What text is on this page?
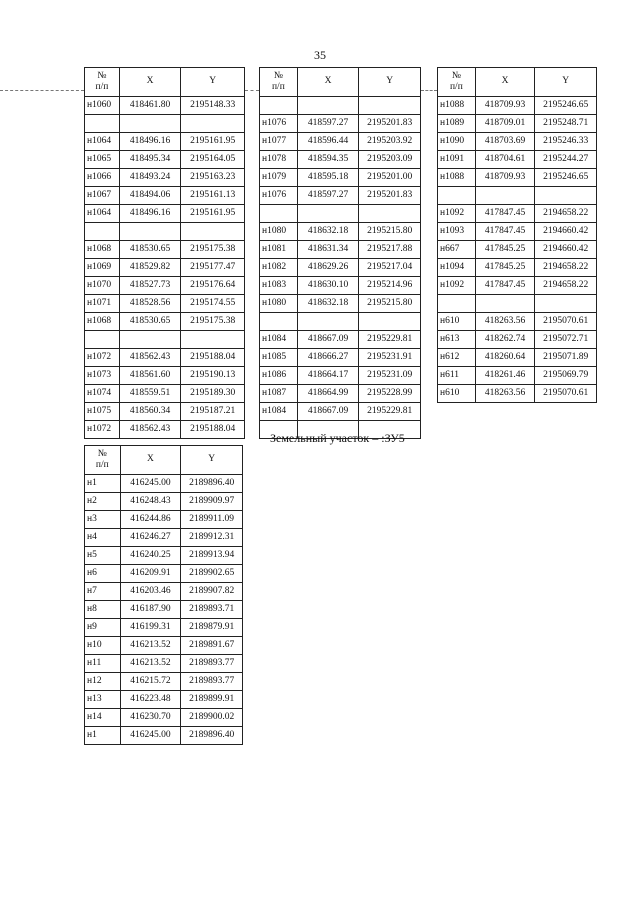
35
№
п/п	X	Y
н1060	418461.80	2195148.33

н1064	418496.16	2195161.95
н1065	418495.34	2195164.05
н1066	418493.24	2195163.23
н1067	418494.06	2195161.13
н1064	418496.16	2195161.95

н1068	418530.65	2195175.38
н1069	418529.82	2195177.47
н1070	418527.73	2195176.64
н1071	418528.56	2195174.55
н1068	418530.65	2195175.38

н1072	418562.43	2195188.04
н1073	418561.60	2195190.13
н1074	418559.51	2195189.30
н1075	418560.34	2195187.21
н1072	418562.43	2195188.04
№
п/п	X	Y

н1076	418597.27	2195201.83
н1077	418596.44	2195203.92
н1078	418594.35	2195203.09
н1079	418595.18	2195201.00
н1076	418597.27	2195201.83

н1080	418632.18	2195215.80
н1081	418631.34	2195217.88
н1082	418629.26	2195217.04
н1083	418630.10	2195214.96
н1080	418632.18	2195215.80

н1084	418667.09	2195229.81
н1085	418666.27	2195231.91
н1086	418664.17	2195231.09
н1087	418664.99	2195228.99
н1084	418667.09	2195229.81

№
п/п	X	Y
н1088	418709.93	2195246.65
н1089	418709.01	2195248.71
н1090	418703.69	2195246.33
н1091	418704.61	2195244.27
н1088	418709.93	2195246.65

н1092	417847.45	2194658.22
н1093	417847.45	2194660.42
н667	417845.25	2194660.42
н1094	417845.25	2194658.22
н1092	417847.45	2194658.22

н610	418263.56	2195070.61
н613	418262.74	2195072.71
н612	418260.64	2195071.89
н611	418261.46	2195069.79
н610	418263.56	2195070.61
Земельный участок – :ЗУ5
№
п/п	X	Y
н1	416245.00	2189896.40
н2	416248.43	2189909.97
н3	416244.86	2189911.09
н4	416246.27	2189912.31
н5	416240.25	2189913.94
н6	416209.91	2189902.65
н7	416203.46	2189907.82
н8	416187.90	2189893.71
н9	416199.31	2189879.91
н10	416213.52	2189891.67
н11	416213.52	2189893.77
н12	416215.72	2189893.77
н13	416223.48	2189899.91
н14	416230.70	2189900.02
н1	416245.00	2189896.40
